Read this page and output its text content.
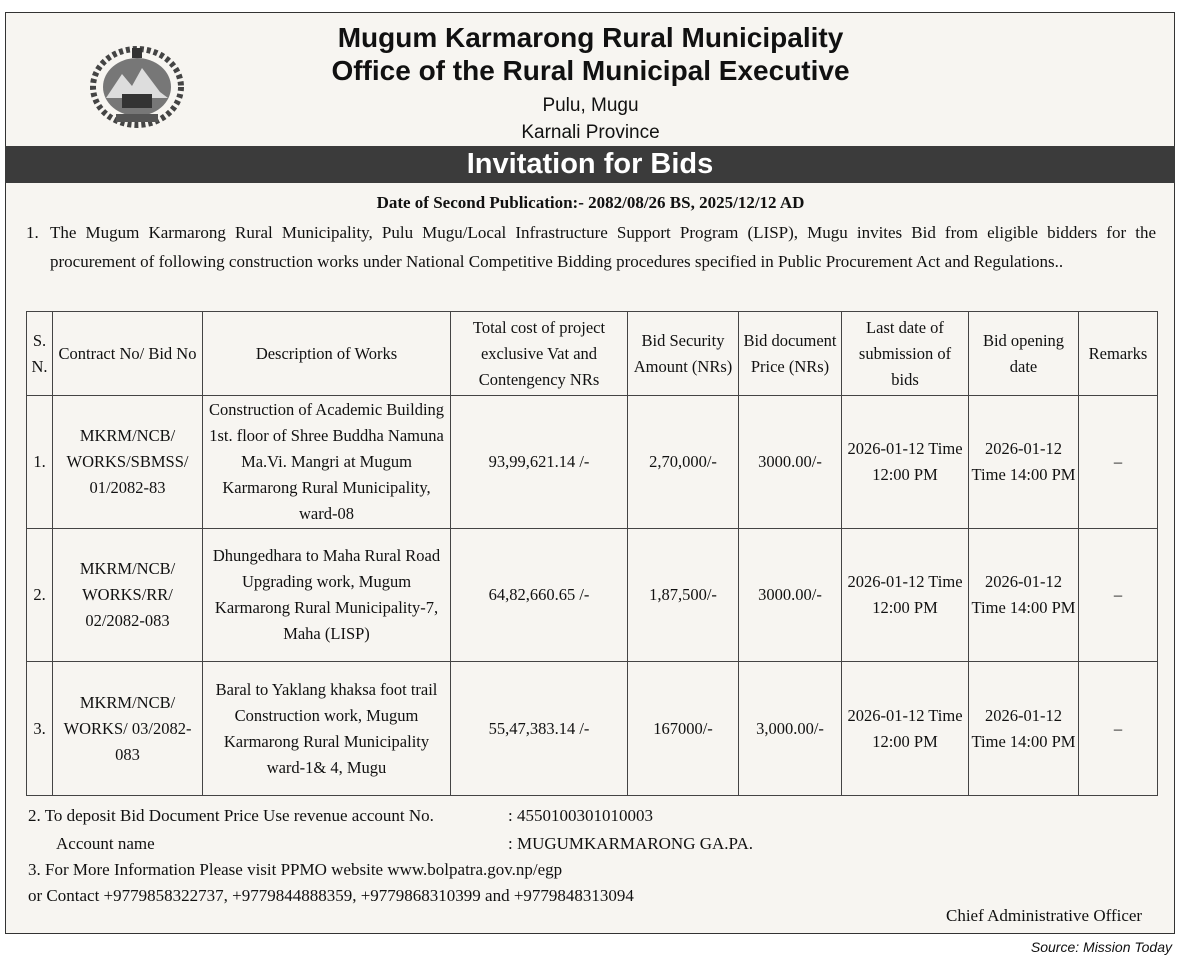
Mugum Karmarong Rural Municipality
Office of the Rural Municipal Executive
Pulu, Mugu
Karnali Province
Invitation for Bids
Date of Second Publication:- 2082/08/26 BS, 2025/12/12 AD
1. The Mugum Karmarong Rural Municipality, Pulu Mugu/Local Infrastructure Support Program (LISP), Mugu invites Bid from eligible bidders for the procurement of following construction works under National Competitive Bidding procedures specified in Public Procurement Act and Regulations..
S. N.	Contract No/ Bid No	Description of Works	Total cost of project exclusive Vat and Contengency NRs	Bid Security Amount (NRs)	Bid document Price (NRs)	Last date of submission of bids	Bid opening date	Remarks
1.	MKRM/NCB/ WORKS/SBMSS/ 01/2082-83	Construction of Academic Building 1st. floor of Shree Buddha Namuna Ma.Vi. Mangri at Mugum Karmarong Rural Municipality, ward-08	93,99,621.14 /-	2,70,000/-	3000.00/-	2026-01-12 Time 12:00 PM	2026-01-12 Time 14:00 PM	–
2.	MKRM/NCB/ WORKS/RR/ 02/2082-083	Dhungedhara to Maha Rural Road Upgrading work, Mugum Karmarong Rural Municipality-7, Maha (LISP)	64,82,660.65 /-	1,87,500/-	3000.00/-	2026-01-12 Time 12:00 PM	2026-01-12 Time 14:00 PM	–
3.	MKRM/NCB/ WORKS/ 03/2082-083	Baral to Yaklang khaksa foot trail Construction work, Mugum Karmarong Rural Municipality ward-1& 4, Mugu	55,47,383.14 /-	167000/-	3,000.00/-	2026-01-12 Time 12:00 PM	2026-01-12 Time 14:00 PM	–
2. To deposit Bid Document Price Use revenue account No.	: 4550100301010003
Account name	: MUGUMKARMARONG GA.PA.
3. For More Information Please visit PPMO website www.bolpatra.gov.np/egp
or Contact +9779858322737, +9779844888359, +9779868310399 and +9779848313094
Chief Administrative Officer
Source: Mission Today
